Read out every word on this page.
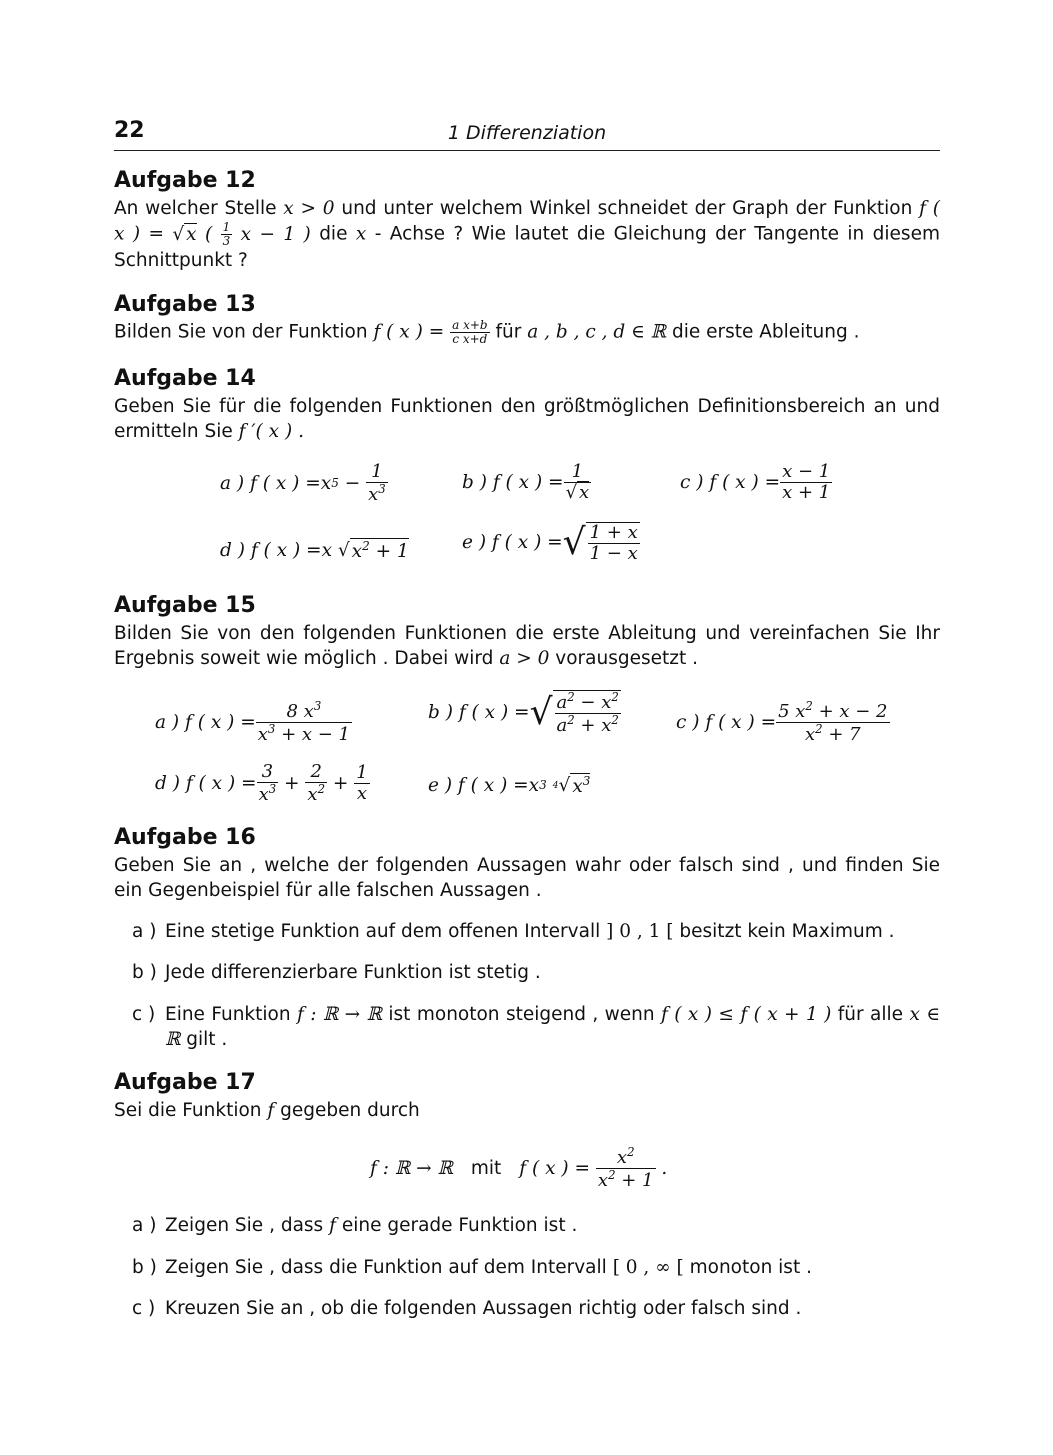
22	1 Differenziation
Aufgabe 12
An welcher Stelle x > 0 und unter welchem Winkel schneidet der Graph der Funktion f ( x ) = √ x ( $\frac{1}{3}$ x − 1 ) die x - Achse ? Wie lautet die Gleichung der Tangente in diesem Schnittpunkt ?
Aufgabe 13
Bilden Sie von der Funktion f ( x ) = $\frac{\text{a x+b}}{\text{c x+d}}$ für a , b , c , d ∈ ℝ die erste Ableitung .
Aufgabe 14
Geben Sie für die folgenden Funktionen den größtmöglichen Definitionsbereich an und ermitteln Sie f ′( x ) .
a ) f ( x ) = x $5 - \frac{1}{x^3}$	b ) f ( x ) = $\frac{1}{√ x}$	c ) f ( x ) = $\frac{x - 1}{x + 1}$
d ) f ( x ) = x √ $x^2 + 1$	e ) f ( x ) = √ $\frac{1 + x}{1 - x}$
Aufgabe 15
Bilden Sie von den folgenden Funktionen die erste Ableitung und vereinfachen Sie Ihr Ergebnis soweit wie möglich . Dabei wird a > 0 vorausgesetzt .
a ) f ( x ) = $\frac{8 x^3}{x^3 + x - 1}$	b ) f ( x ) = √ $\frac{a^2 - x^2}{a^2 + x^2}$	c ) f ( x ) = $\frac{5 x^2 + x - 2}{x^2 + 7}$
d ) f ( x ) = $\frac{3}{x^3} + \frac{2}{x^2} + \frac{1}{x}$	e ) f ( x ) = x 3
4 √ $x^3$
Aufgabe 16
Geben Sie an , welche der folgenden Aussagen wahr oder falsch sind , und finden Sie ein Gegenbeispiel für alle falschen Aussagen .
a ) Eine stetige Funktion auf dem offenen Intervall ] 0 , 1 [ besitzt kein Maximum .
b ) Jede differenzierbare Funktion ist stetig .
c ) Eine Funktion f : ℝ → ℝ ist monoton steigend , wenn f ( x ) ≤ f ( x + 1 ) für alle x ∈ ℝ gilt .
Aufgabe 17
Sei die Funktion f gegeben durch
f : ℝ → ℝ mit f ( x ) =
$\frac{x^2}{x^2 + 1}$ .
a ) Zeigen Sie , dass f eine gerade Funktion ist .
b ) Zeigen Sie , dass die Funktion auf dem Intervall [ 0 , ∞ [ monoton ist .
c ) Kreuzen Sie an , ob die folgenden Aussagen richtig oder falsch sind .
